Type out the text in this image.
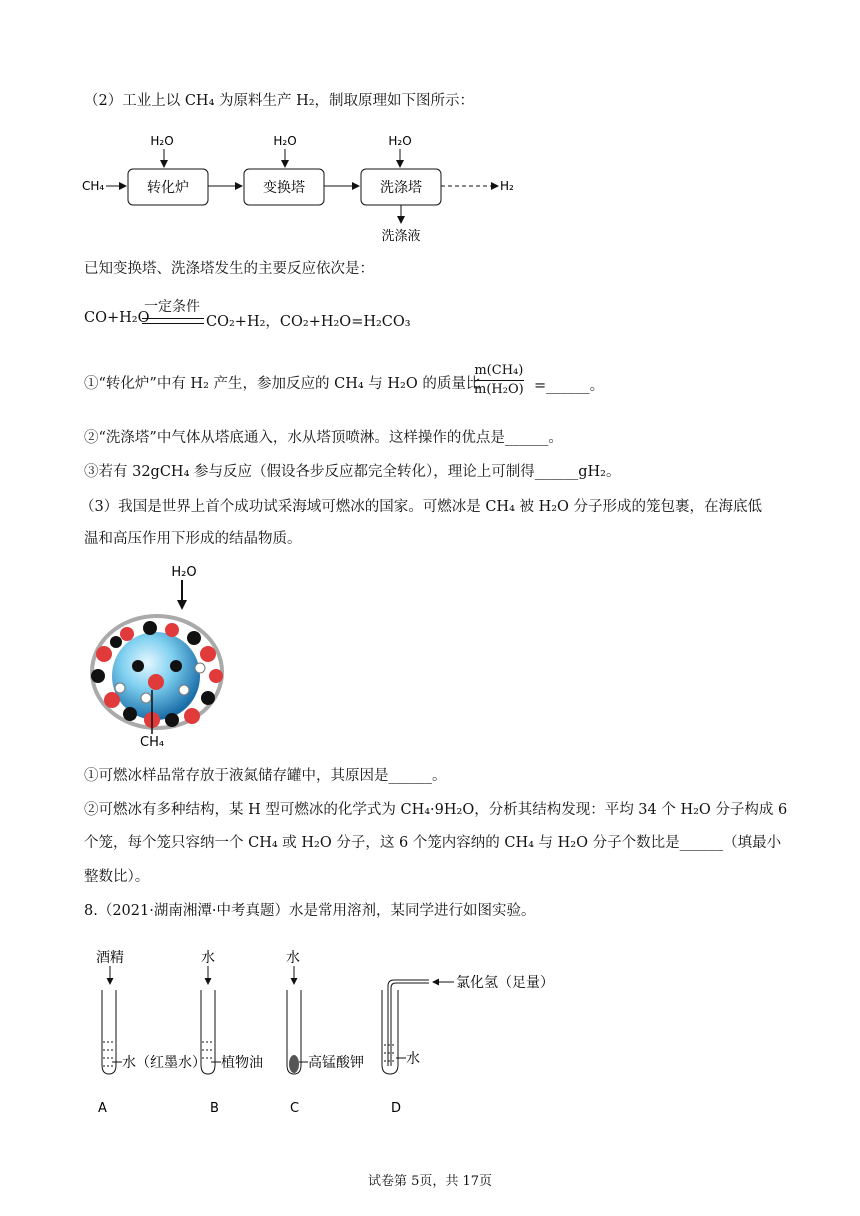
（2）工业上以 CH₄ 为原料生产 H₂，制取原理如下图所示：
转化炉	变换塔	洗涤塔
CH₄
H₂O	H₂O	H₂O
H₂
洗涤液
已知变换塔、洗涤塔发生的主要反应依次是：
一定条件
CO+H₂O	CO₂+H₂，CO₂+H₂O=H₂CO₃
①“转化炉”中有 H₂ 产生，参加反应的 CH₄ 与 H₂O 的质量比
m(CH₄)
m(H₂O) =______。
②“洗涤塔”中气体从塔底通入，水从塔顶喷淋。这样操作的优点是______。
③若有 32gCH₄ 参与反应（假设各步反应都完全转化），理论上可制得______gH₂。
（3）我国是世界上首个成功试采海域可燃冰的国家。可燃冰是 CH₄ 被 H₂O 分子形成的笼包裹，在海底低
温和高压作用下形成的结晶物质。
H₂O
CH₄
①可燃冰样品常存放于液氮储存罐中，其原因是______。
②可燃冰有多种结构，某 H 型可燃冰的化学式为 CH₄·9H₂O，分析其结构发现：平均 34 个 H₂O 分子构成 6
个笼，每个笼只容纳一个 CH₄ 或 H₂O 分子，这 6 个笼内容纳的 CH₄ 与 H₂O 分子个数比是______（填最小
整数比）。
8.（2021·湖南湘潭·中考真题）水是常用溶剂，某同学进行如图实验。
酒精
水（红墨水）
A
水
植物油
B
水
高锰酸钾
C
氯化氢（足量）
水
D
试卷第 5页，共 17页
